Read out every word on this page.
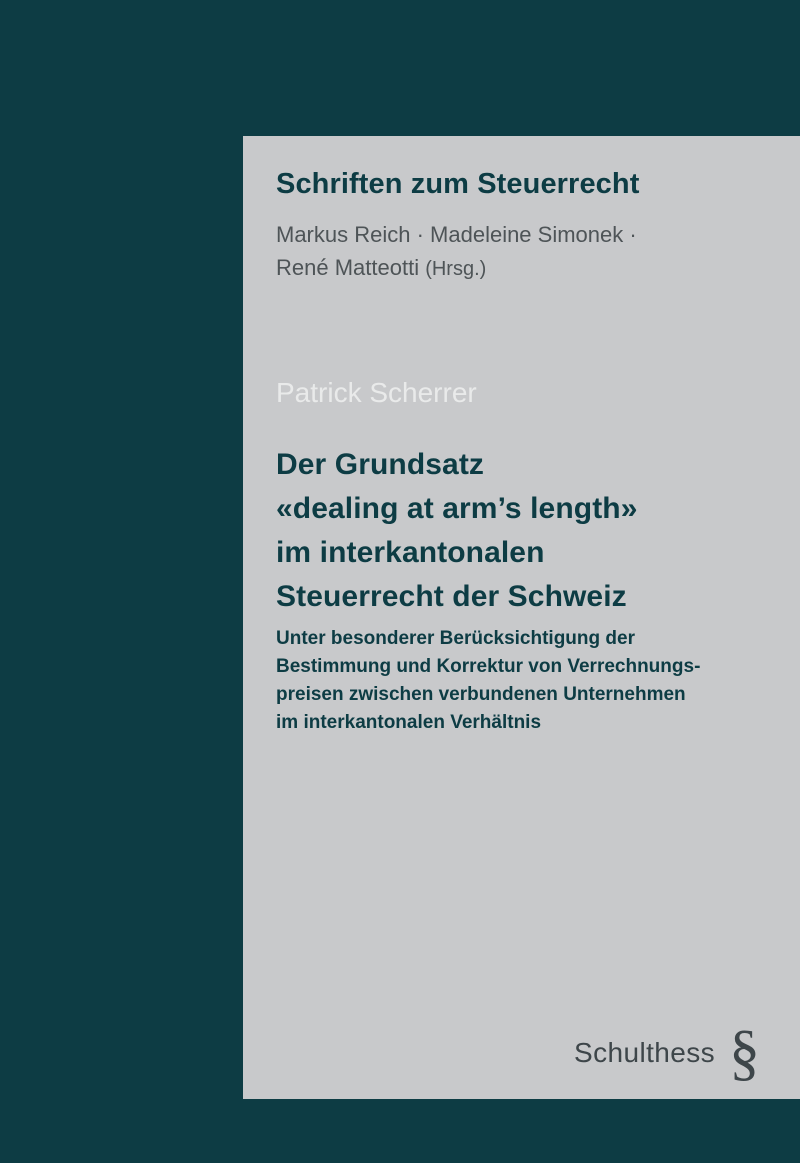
Schriften zum Steuerrecht
Markus Reich · Madeleine Simonek ·
René Matteotti (Hrsg.)
Patrick Scherrer
Der Grundsatz
«dealing at arm’s length»
im interkantonalen
Steuerrecht der Schweiz
Unter besonderer Berücksichtigung der
Bestimmung und Korrektur von Verrechnungs-
preisen zwischen verbundenen Unternehmen
im interkantonalen Verhältnis
Schulthess §
